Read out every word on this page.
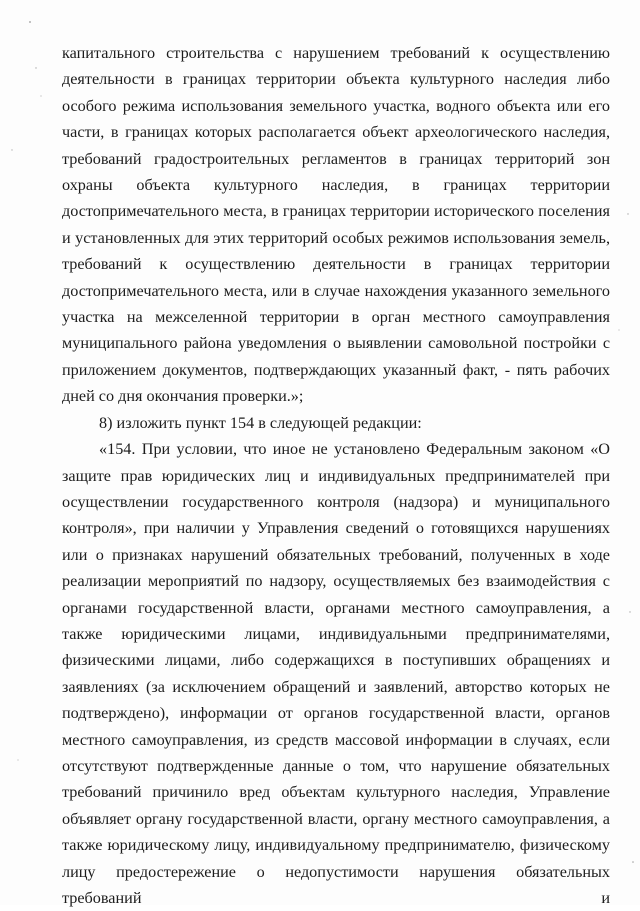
капитального строительства с нарушением требований к осуществлению деятельности в границах территории объекта культурного наследия либо особого режима использования земельного участка, водного объекта или его части, в границах которых располагается объект археологического наследия, требований градостроительных регламентов в границах территорий зон охраны объекта культурного наследия, в границах территории достопримечательного места, в границах территории исторического поселения и установленных для этих территорий особых режимов использования земель, требований к осуществлению деятельности в границах территории достопримечательного места, или в случае нахождения указанного земельного участка на межселенной территории в орган местного самоуправления муниципального района уведомления о выявлении самовольной постройки с приложением документов, подтверждающих указанный факт, - пять рабочих дней со дня окончания проверки.»;

8) изложить пункт 154 в следующей редакции:

«154. При условии, что иное не установлено Федеральным законом «О защите прав юридических лиц и индивидуальных предпринимателей при осуществлении государственного контроля (надзора) и муниципального контроля», при наличии у Управления сведений о готовящихся нарушениях или о признаках нарушений обязательных требований, полученных в ходе реализации мероприятий по надзору, осуществляемых без взаимодействия с органами государственной власти, органами местного самоуправления, а также юридическими лицами, индивидуальными предпринимателями, физическими лицами, либо содержащихся в поступивших обращениях и заявлениях (за исключением обращений и заявлений, авторство которых не подтверждено), информации от органов государственной власти, органов местного самоуправления, из средств массовой информации в случаях, если отсутствуют подтвержденные данные о том, что нарушение обязательных требований причинило вред объектам культурного наследия, Управление объявляет органу государственной власти, органу местного самоуправления, а также юридическому лицу, индивидуальному предпринимателю, физическому лицу предостережение о недопустимости нарушения обязательных требований и
